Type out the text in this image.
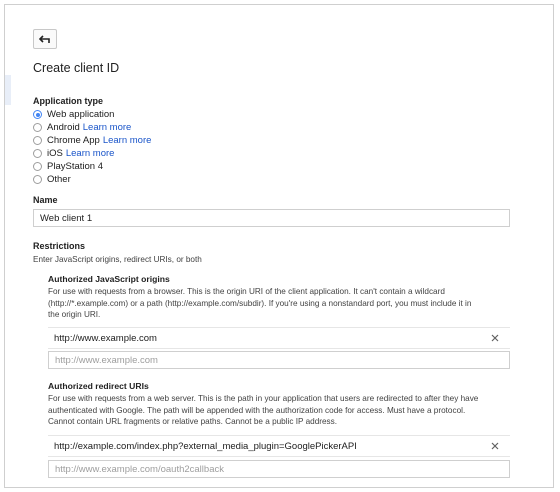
Create client ID
Application type
Web application
Android Learn more
Chrome App Learn more
iOS Learn more
PlayStation 4
Other
Name
Web client 1
Restrictions
Enter JavaScript origins, redirect URIs, or both
Authorized JavaScript origins
For use with requests from a browser. This is the origin URI of the client application. It can't contain a wildcard
(http://*.example.com) or a path (http://example.com/subdir). If you're using a nonstandard port, you must include it in
the origin URI.
http://www.example.com
http://www.example.com
Authorized redirect URIs
For use with requests from a web server. This is the path in your application that users are redirected to after they have
authenticated with Google. The path will be appended with the authorization code for access. Must have a protocol.
Cannot contain URL fragments or relative paths. Cannot be a public IP address.
http://example.com/index.php?external_media_plugin=GooglePickerAPI
http://www.example.com/oauth2callback
